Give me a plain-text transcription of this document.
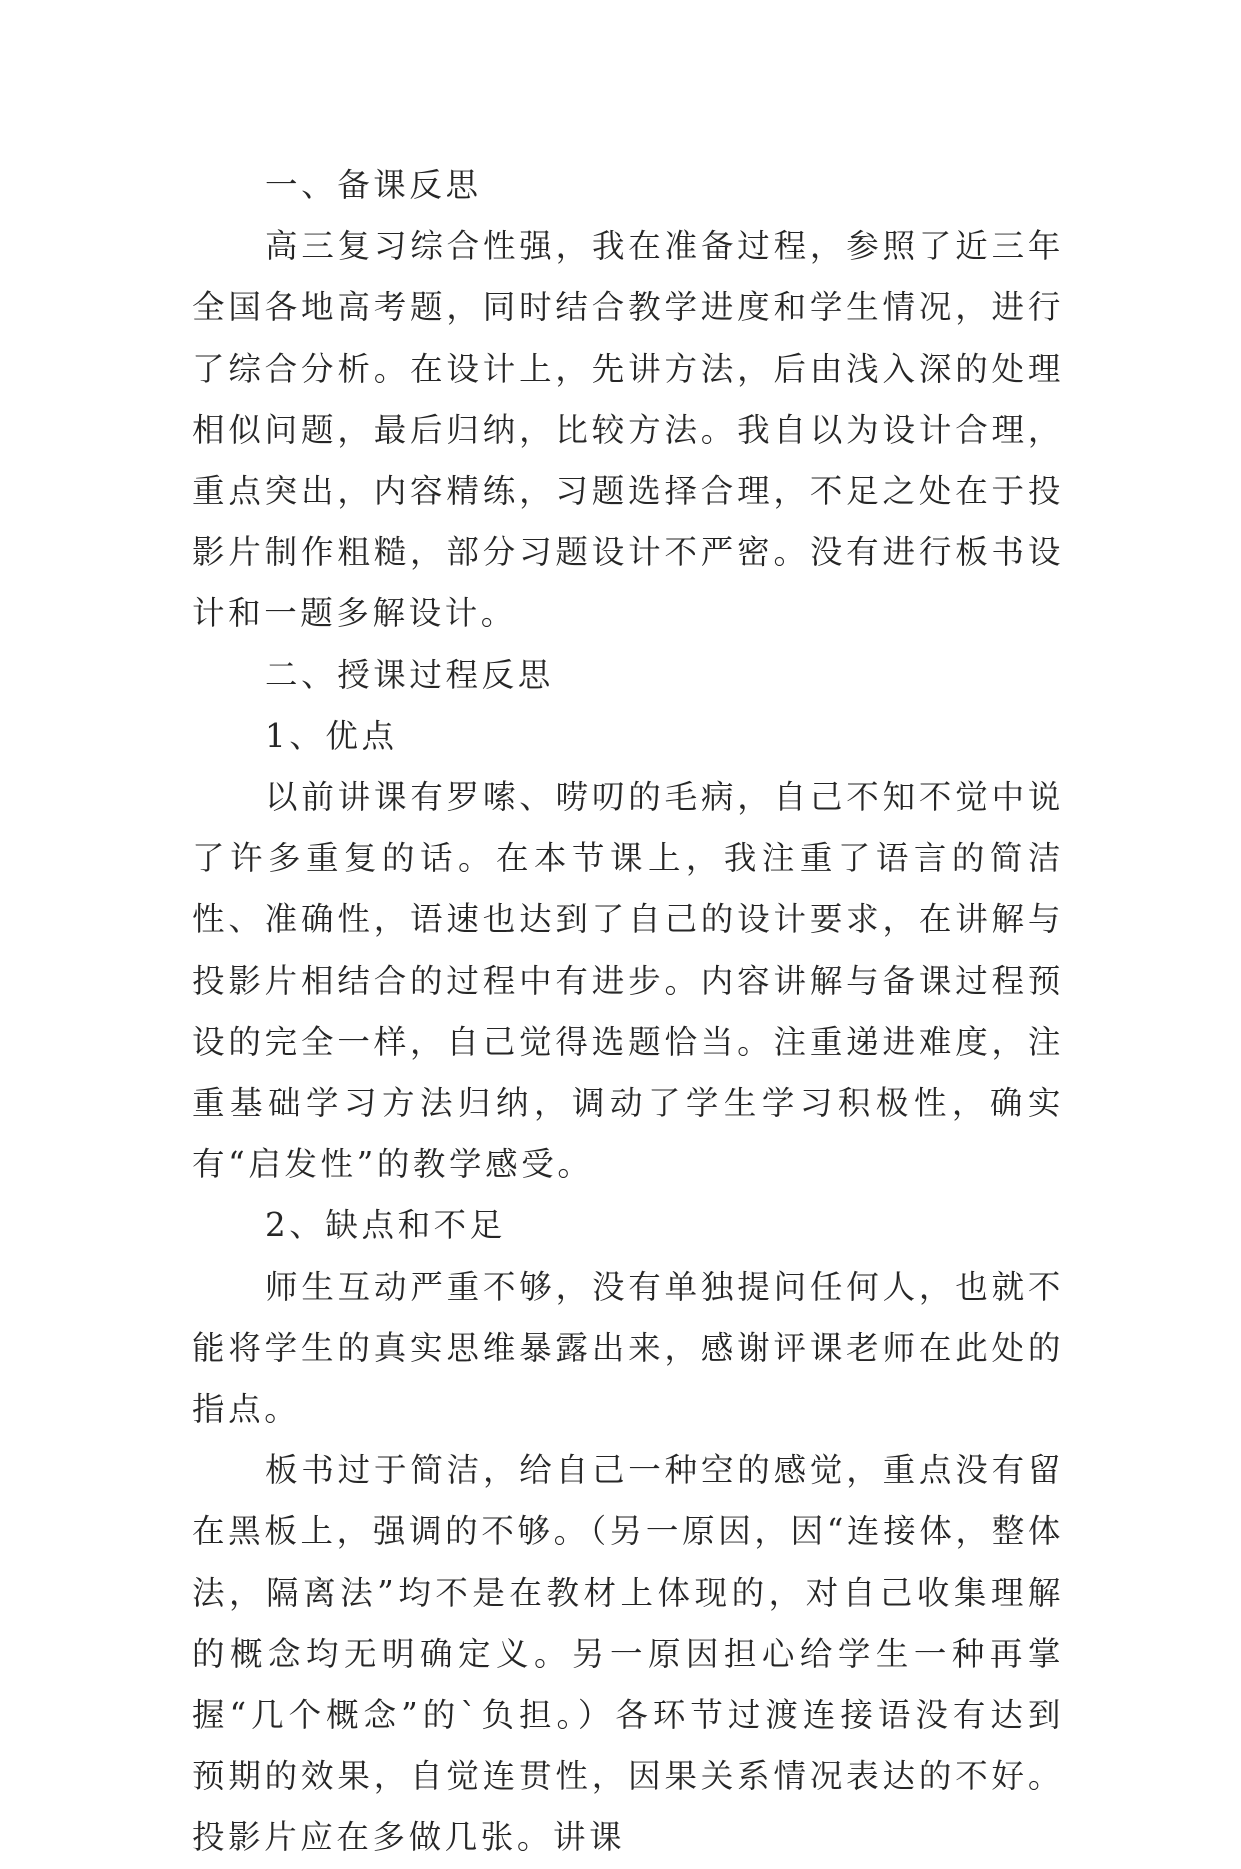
一、备课反思

高三复习综合性强，我在准备过程，参照了近三年全国各地高考题，同时结合教学进度和学生情况，进行了综合分析。在设计上，先讲方法，后由浅入深的处理相似问题，最后归纳，比较方法。我自以为设计合理，重点突出，内容精练，习题选择合理，不足之处在于投影片制作粗糙，部分习题设计不严密。没有进行板书设计和一题多解设计。

二、授课过程反思

1、优点

以前讲课有罗嗦、唠叨的毛病，自己不知不觉中说了许多重复的话。在本节课上，我注重了语言的简洁性、准确性，语速也达到了自己的设计要求，在讲解与投影片相结合的过程中有进步。内容讲解与备课过程预设的完全一样，自己觉得选题恰当。注重递进难度，注重基础学习方法归纳，调动了学生学习积极性，确实有“启发性”的教学感受。

2、缺点和不足

师生互动严重不够，没有单独提问任何人，也就不能将学生的真实思维暴露出来，感谢评课老师在此处的指点。

板书过于简洁，给自己一种空的感觉，重点没有留在黑板上，强调的不够。（另一原因，因“连接体，整体法，隔离法”均不是在教材上体现的，对自己收集理解的概念均无明确定义。另一原因担心给学生一种再掌握“几个概念”的`负担。）各环节过渡连接语没有达到预期的效果，自觉连贯性，因果关系情况表达的不好。投影片应在多做几张。讲课
